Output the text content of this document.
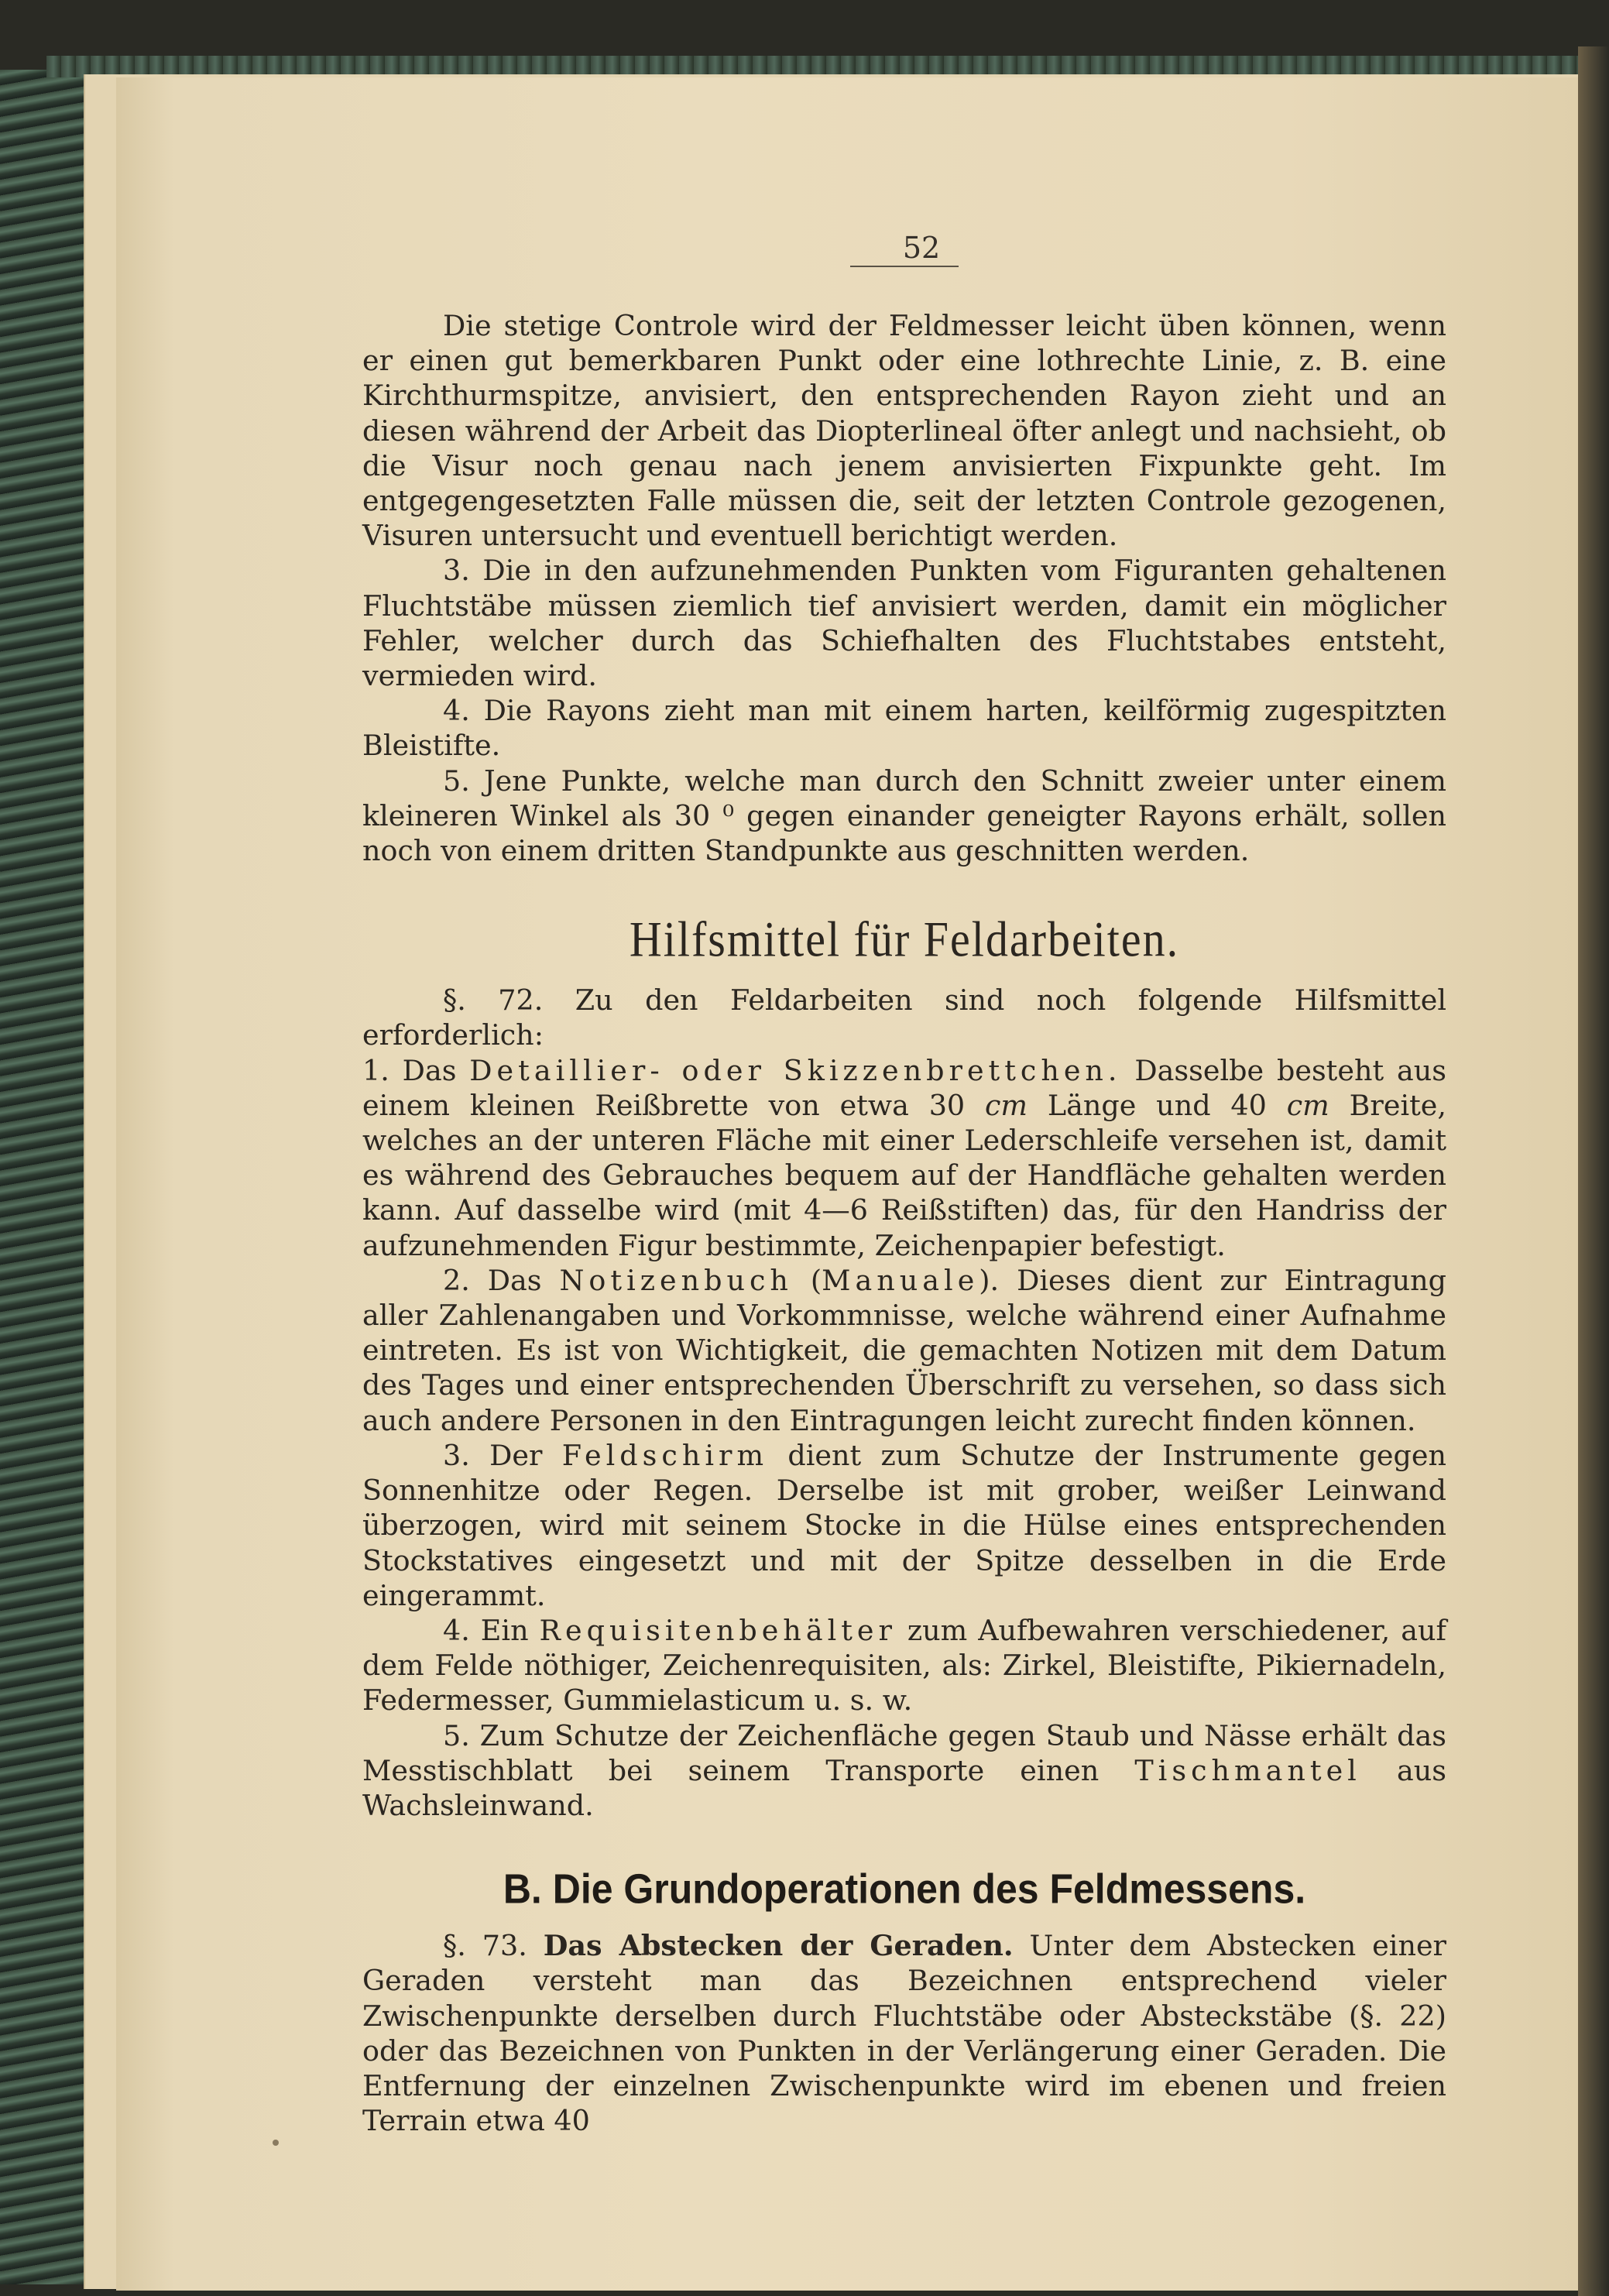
52

Die stetige Controle wird der Feldmesser leicht üben können, wenn er einen gut bemerkbaren Punkt oder eine lothrechte Linie, z. B. eine Kirchthurmspitze, anvisiert, den entsprechenden Rayon zieht und an diesen während der Arbeit das Diopterlineal öfter anlegt und nachsieht, ob die Visur noch genau nach jenem anvisierten Fixpunkte geht. Im entgegengesetzten Falle müssen die, seit der letzten Controle gezogenen, Visuren untersucht und eventuell berichtigt werden.

3. Die in den aufzunehmenden Punkten vom Figuranten gehaltenen Fluchtstäbe müssen ziemlich tief anvisiert werden, damit ein möglicher Fehler, welcher durch das Schiefhalten des Fluchtstabes entsteht, vermieden wird.

4. Die Rayons zieht man mit einem harten, keilförmig zugespitzten Bleistifte.

5. Jene Punkte, welche man durch den Schnitt zweier unter einem kleineren Winkel als 30 ⁰ gegen einander geneigter Rayons erhält, sollen noch von einem dritten Standpunkte aus geschnitten werden.

Hilfsmittel für Feldarbeiten.

§. 72. Zu den Feldarbeiten sind noch folgende Hilfsmittel erforderlich:

1. Das Detaillier- oder Skizzenbrettchen. Dasselbe besteht aus einem kleinen Reißbrette von etwa 30 cm Länge und 40 cm Breite, welches an der unteren Fläche mit einer Lederschleife versehen ist, damit es während des Gebrauches bequem auf der Handfläche gehalten werden kann. Auf dasselbe wird (mit 4—6 Reißstiften) das, für den Handriss der aufzunehmenden Figur bestimmte, Zeichenpapier befestigt.

2. Das Notizenbuch (Manuale). Dieses dient zur Eintragung aller Zahlenangaben und Vorkommnisse, welche während einer Aufnahme eintreten. Es ist von Wichtigkeit, die gemachten Notizen mit dem Datum des Tages und einer entsprechenden Überschrift zu versehen, so dass sich auch andere Personen in den Eintragungen leicht zurecht finden können.

3. Der Feldschirm dient zum Schutze der Instrumente gegen Sonnenhitze oder Regen. Derselbe ist mit grober, weißer Leinwand überzogen, wird mit seinem Stocke in die Hülse eines entsprechenden Stockstatives eingesetzt und mit der Spitze desselben in die Erde eingerammt.

4. Ein Requisitenbehälter zum Aufbewahren verschiedener, auf dem Felde nöthiger, Zeichenrequisiten, als: Zirkel, Bleistifte, Pikiernadeln, Federmesser, Gummielasticum u. s. w.

5. Zum Schutze der Zeichenfläche gegen Staub und Nässe erhält das Messtischblatt bei seinem Transporte einen Tischmantel aus Wachsleinwand.

B. Die Grundoperationen des Feldmessens.

§. 73. Das Abstecken der Geraden. Unter dem Abstecken einer Geraden versteht man das Bezeichnen entsprechend vieler Zwischenpunkte derselben durch Fluchtstäbe oder Absteckstäbe (§. 22) oder das Bezeichnen von Punkten in der Verlängerung einer Geraden. Die Entfernung der einzelnen Zwischenpunkte wird im ebenen und freien Terrain etwa 40
